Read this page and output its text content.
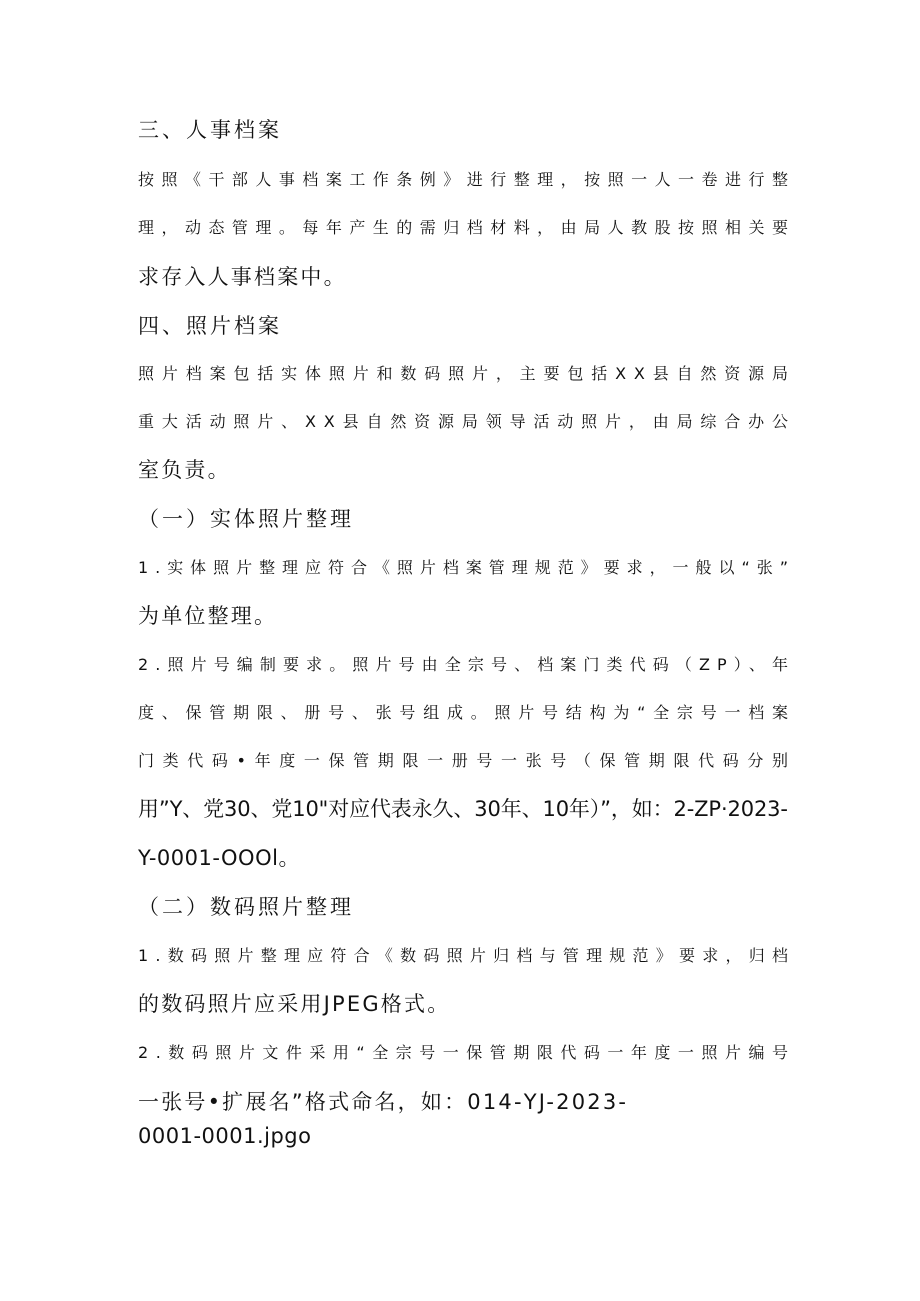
三、人事档案
按照《干部人事档案工作条例》进行整理，按照一人一卷进行整
理，动态管理。每年产生的需归档材料，由局人教股按照相关要
求存入人事档案中。
四、照片档案
照片档案包括实体照片和数码照片，主要包括XX县自然资源局
重大活动照片、XX县自然资源局领导活动照片，由局综合办公
室负责。
（一）实体照片整理
1.实体照片整理应符合《照片档案管理规范》要求，一般以“张”
为单位整理。
2.照片号编制要求。照片号由全宗号、档案门类代码（ZP）、年
度、保管期限、册号、张号组成。照片号结构为“全宗号一档案
门类代码•年度一保管期限一册号一张号（保管期限代码分别
用”Y、党30、党10"对应代表永久、30年、10年）”，如：2-ZP·2023-
Y-0001-OOOl。
（二）数码照片整理
1.数码照片整理应符合《数码照片归档与管理规范》要求，归档
的数码照片应采用JPEG格式。
2.数码照片文件采用“全宗号一保管期限代码一年度一照片编号
一张号•扩展名”格式命名，如：014-YJ-2023-
0001-0001.jpgo
